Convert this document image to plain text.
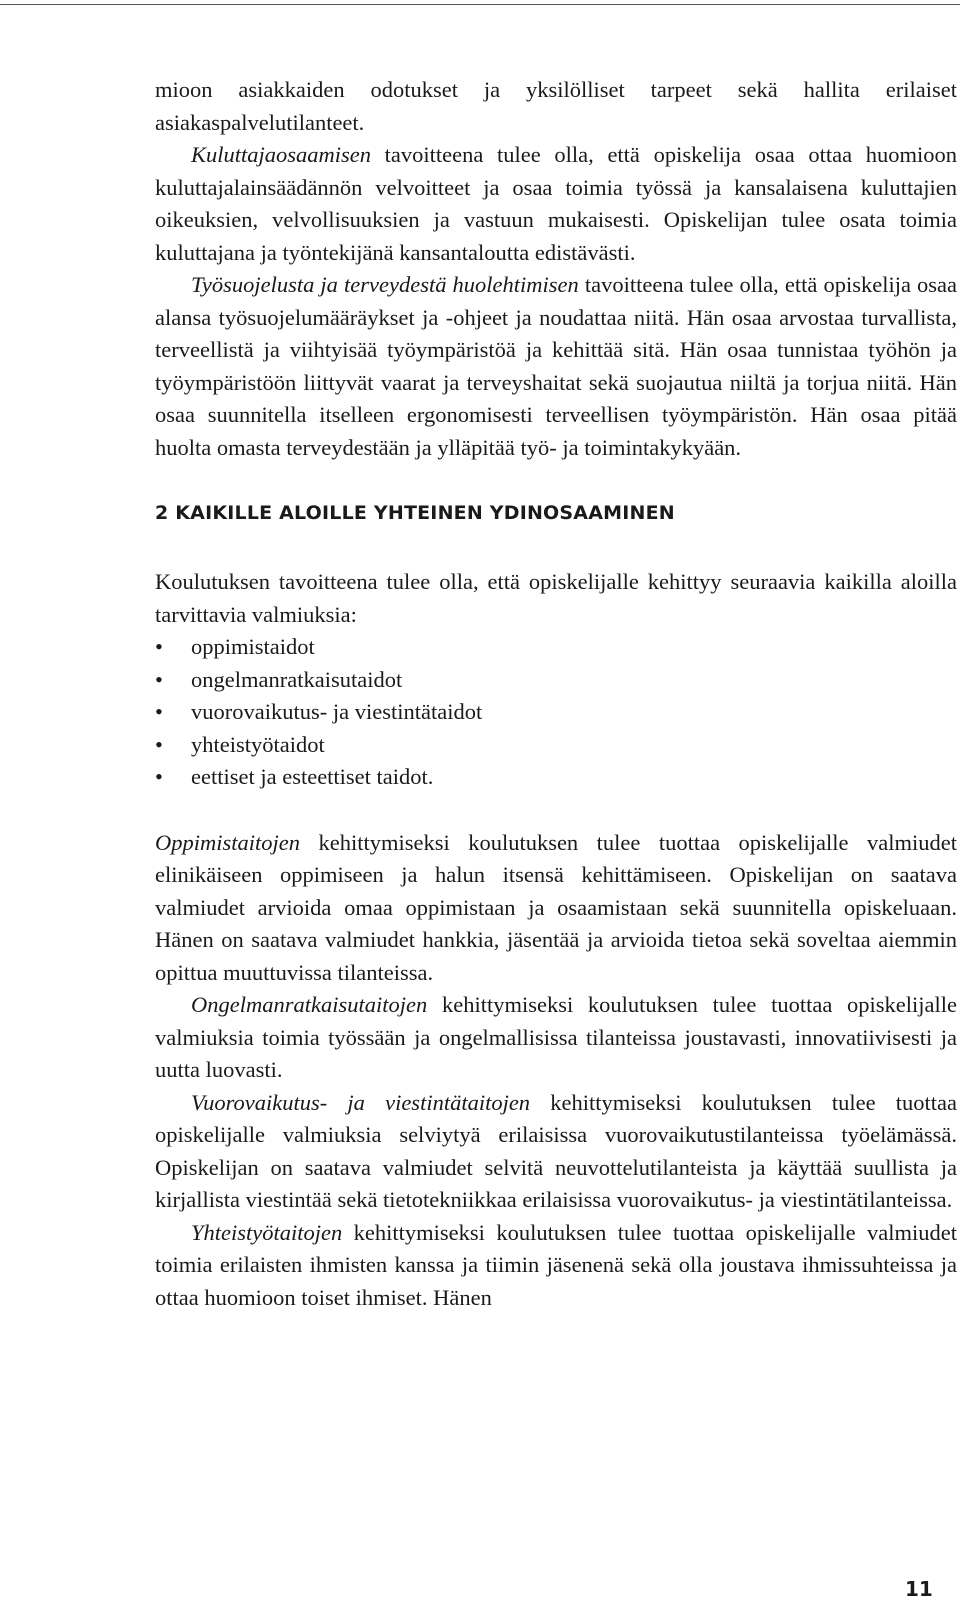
mioon asiakkaiden odotukset ja yksilölliset tarpeet sekä hallita erilaiset asiakaspalvelutilanteet.

Kuluttajaosaamisen tavoitteena tulee olla, että opiskelija osaa ottaa huomioon kuluttajalainsäädännön velvoitteet ja osaa toimia työssä ja kansalaisena kuluttajien oikeuksien, velvollisuuksien ja vastuun mukaisesti. Opiskelijan tulee osata toimia kuluttajana ja työntekijänä kansantaloutta edistävästi.

Työsuojelusta ja terveydestä huolehtimisen tavoitteena tulee olla, että opiskelija osaa alansa työsuojelumääräykset ja -ohjeet ja noudattaa niitä. Hän osaa arvostaa turvallista, terveellistä ja viihtyisää työympäristöä ja kehittää sitä. Hän osaa tunnistaa työhön ja työympäristöön liittyvät vaarat ja terveyshaitat sekä suojautua niiltä ja torjua niitä. Hän osaa suunnitella itselleen ergonomisesti terveellisen työympäristön. Hän osaa pitää huolta omasta terveydestään ja ylläpitää työ- ja toimintakykyään.

2 KAIKILLE ALOILLE YHTEINEN YDINOSAAMINEN

Koulutuksen tavoitteena tulee olla, että opiskelijalle kehittyy seuraavia kaikilla aloilla tarvittavia valmiuksia:

•	oppimistaidot
•	ongelmanratkaisutaidot
•	vuorovaikutus- ja viestintätaidot
•	yhteistyötaidot
•	eettiset ja esteettiset taidot.

Oppimistaitojen kehittymiseksi koulutuksen tulee tuottaa opiskelijalle valmiudet elinikäiseen oppimiseen ja halun itsensä kehittämiseen. Opiskelijan on saatava valmiudet arvioida omaa oppimistaan ja osaamistaan sekä suunnitella opiskeluaan. Hänen on saatava valmiudet hankkia, jäsentää ja arvioida tietoa sekä soveltaa aiemmin opittua muuttuvissa tilanteissa.

Ongelmanratkaisutaitojen kehittymiseksi koulutuksen tulee tuottaa opiskelijalle valmiuksia toimia työssään ja ongelmallisissa tilanteissa joustavasti, innovatiivisesti ja uutta luovasti.

Vuorovaikutus- ja viestintätaitojen kehittymiseksi koulutuksen tulee tuottaa opiskelijalle valmiuksia selviytyä erilaisissa vuorovaikutustilanteissa työelämässä. Opiskelijan on saatava valmiudet selvitä neuvottelutilanteista ja käyttää suullista ja kirjallista viestintää sekä tietotekniikkaa erilaisissa vuorovaikutus- ja viestintätilanteissa.

Yhteistyötaitojen kehittymiseksi koulutuksen tulee tuottaa opiskelijalle valmiudet toimia erilaisten ihmisten kanssa ja tiimin jäsenenä sekä olla joustava ihmissuhteissa ja ottaa huomioon toiset ihmiset. Hänen

11
